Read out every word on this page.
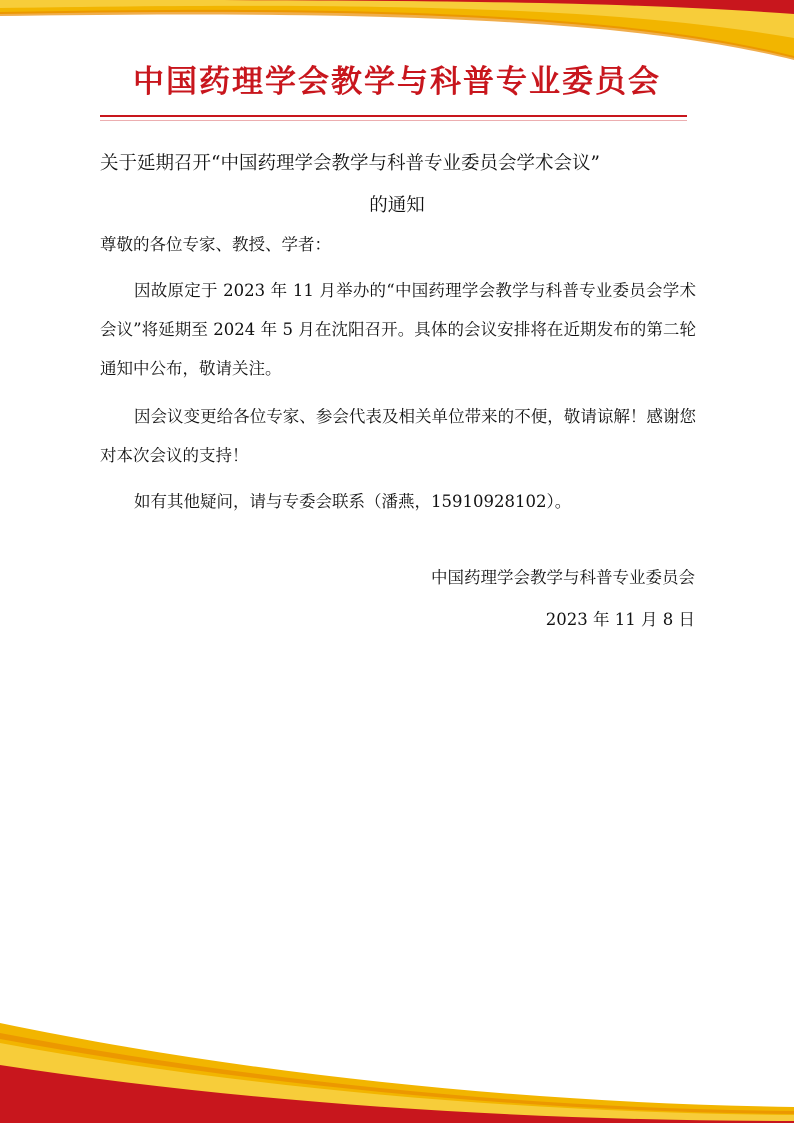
中国药理学会教学与科普专业委员会
关于延期召开“中国药理学会教学与科普专业委员会学术会议”
的通知
尊敬的各位专家、教授、学者：

因故原定于 2023 年 11 月举办的“中国药理学会教学与科普专业委员会学术会议”将延期至 2024 年 5 月在沈阳召开。具体的会议安排将在近期发布的第二轮通知中公布，敬请关注。

因会议变更给各位专家、参会代表及相关单位带来的不便，敬请谅解！感谢您对本次会议的支持！

如有其他疑问，请与专委会联系（潘燕，15910928102）。

中国药理学会教学与科普专业委员会
2023 年 11 月 8 日
